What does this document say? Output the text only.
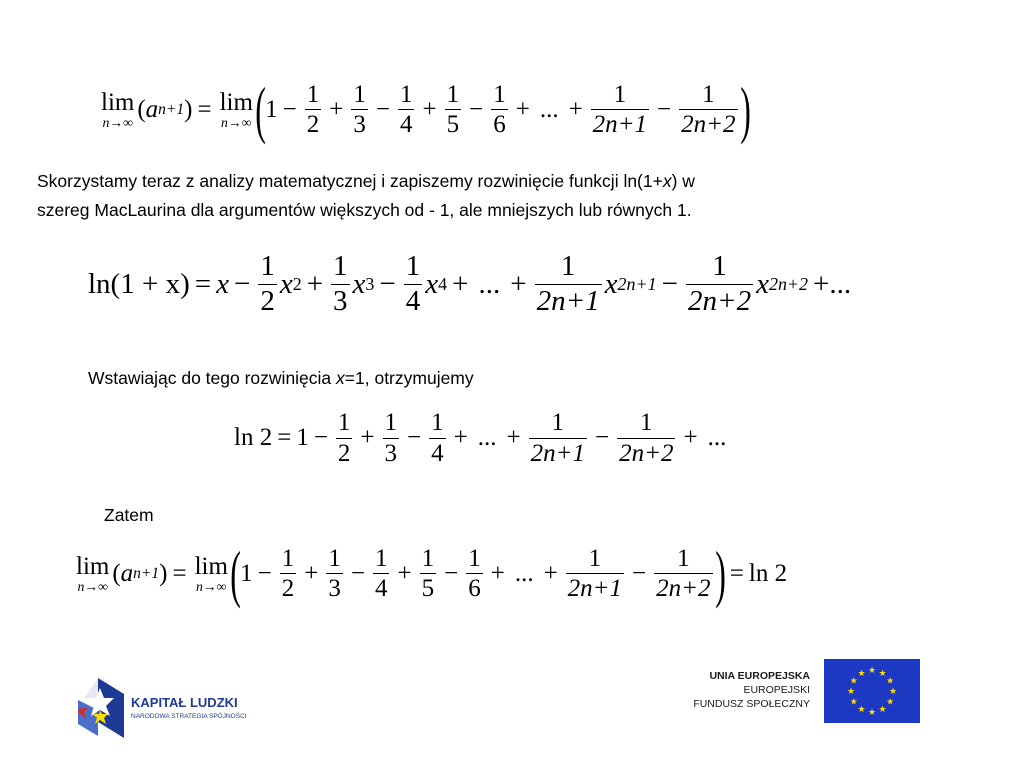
lim
n→∞ ( a n+1 ) = lim
n→∞ ( $1 - \frac{1}{2} + \frac{1}{3} - \frac{1}{4} + \frac{1}{5} - \frac{1}{6}$ + ... + $\frac{1}{2n+1} - \frac{1}{2n+2}$ )
Skorzystamy teraz z analizy matematycznej i zapiszemy rozwinięcie funkcji ln(1+x) w
szereg MacLaurina dla argumentów większych od - 1, ale mniejszych lub równych 1.
$\ln(1 + x) = x - \frac{1}{2}$ x $2 + \frac{1}{3}$ x $3 - \frac{1}{4}$ x 4 + ... + $\frac{1}{2n+1}$ x $2n+1 - \frac{1}{2n+2}$ x 2n+2 +...
Wstawiając do tego rozwinięcia x=1, otrzymujemy
$\ln 2 = 1 - \frac{1}{2} + \frac{1}{3} - \frac{1}{4}$ + ... + $\frac{1}{2n+1} - \frac{1}{2n+2}$ + ...
Zatem
lim
n→∞ ( a n+1 ) = lim
n→∞ ( $1 - \frac{1}{2} + \frac{1}{3} - \frac{1}{4} + \frac{1}{5} - \frac{1}{6}$ + ... + $\frac{1}{2n+1} - \frac{1}{2n+2}$ ) = ln 2
KAPITAŁ LUDZKI
NARODOWA STRATEGIA SPÓJNOŚCI
UNIA EUROPEJSKA
EUROPEJSKI
FUNDUSZ SPOŁECZNY
★ ★
★
★
★
★
★
★
★
★
★
★
